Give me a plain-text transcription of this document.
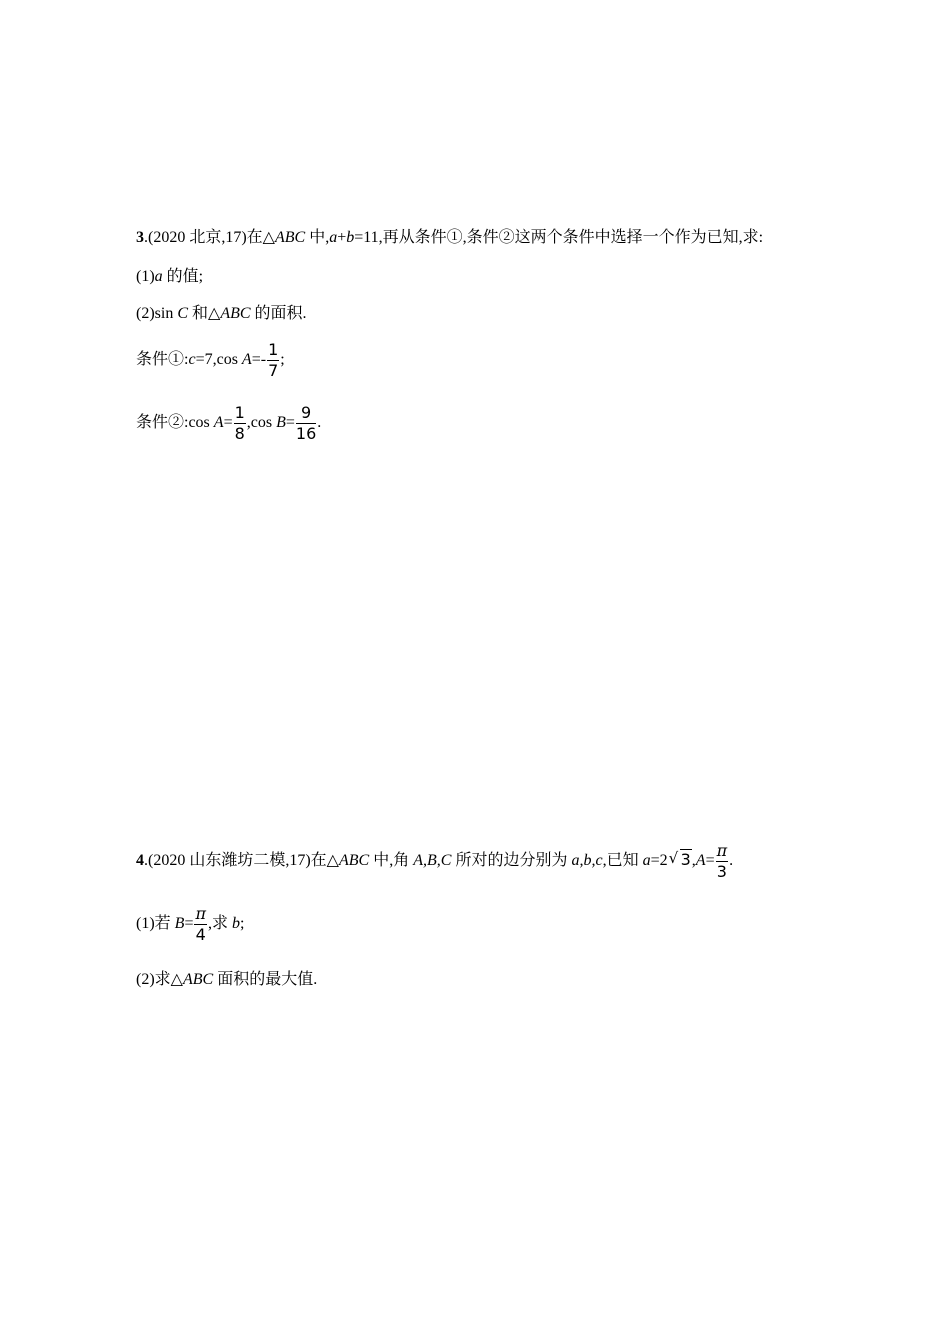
3.(2020 北京,17)在△ABC 中,a+b=11,再从条件①,条件②这两个条件中选择一个作为已知,求:
(1)a 的值;
(2)sin C 和△ABC 的面积.
条件①:c=7,cos $A=- \frac{1}{7}$ ;
条件②:cos $A= \frac{1}{8} ,\cos$ $B= \frac{9}{16}$ .
4.(2020 山东潍坊二模,17)在△ABC 中,角 A,B,C 所对的边分别为 a,b,c,已知 a=2 √ $3,A= \frac{\pi}{3}$ .
(1)若 $B= \frac{\pi}{4}$ ,求 b;
(2)求△ABC 面积的最大值.
